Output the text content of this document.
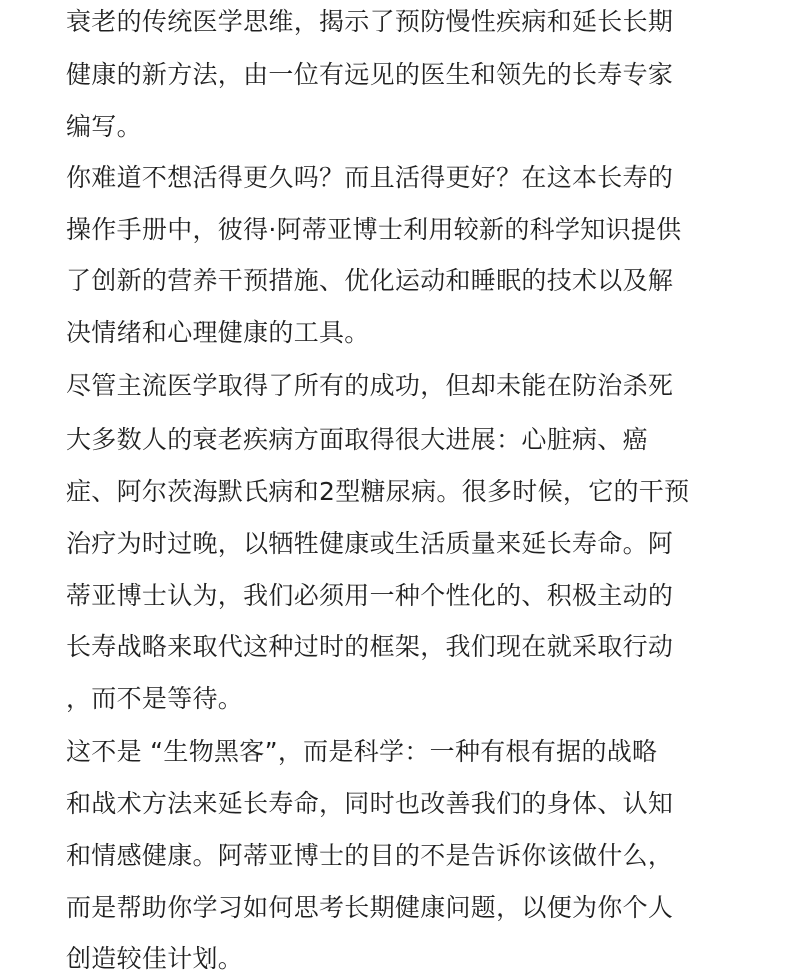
衰老的传统医学思维，揭示了预防慢性疾病和延长长期
健康的新方法，由一位有远见的医生和领先的长寿专家
编写。
你难道不想活得更久吗？而且活得更好？在这本长寿的
操作手册中，彼得·阿蒂亚博士利用较新的科学知识提供
了创新的营养干预措施、优化运动和睡眠的技术以及解
决情绪和心理健康的工具。
尽管主流医学取得了所有的成功，但却未能在防治杀死
大多数人的衰老疾病方面取得很大进展：心脏病、癌
症、阿尔茨海默氏病和2型糖尿病。很多时候，它的干预
治疗为时过晚，以牺牲健康或生活质量来延长寿命。阿
蒂亚博士认为，我们必须用一种个性化的、积极主动的
长寿战略来取代这种过时的框架，我们现在就采取行动
，而不是等待。
这不是 “生物黑客”，而是科学：一种有根有据的战略
和战术方法来延长寿命，同时也改善我们的身体、认知
和情感健康。阿蒂亚博士的目的不是告诉你该做什么，
而是帮助你学习如何思考长期健康问题，以便为你个人
创造较佳计划。
